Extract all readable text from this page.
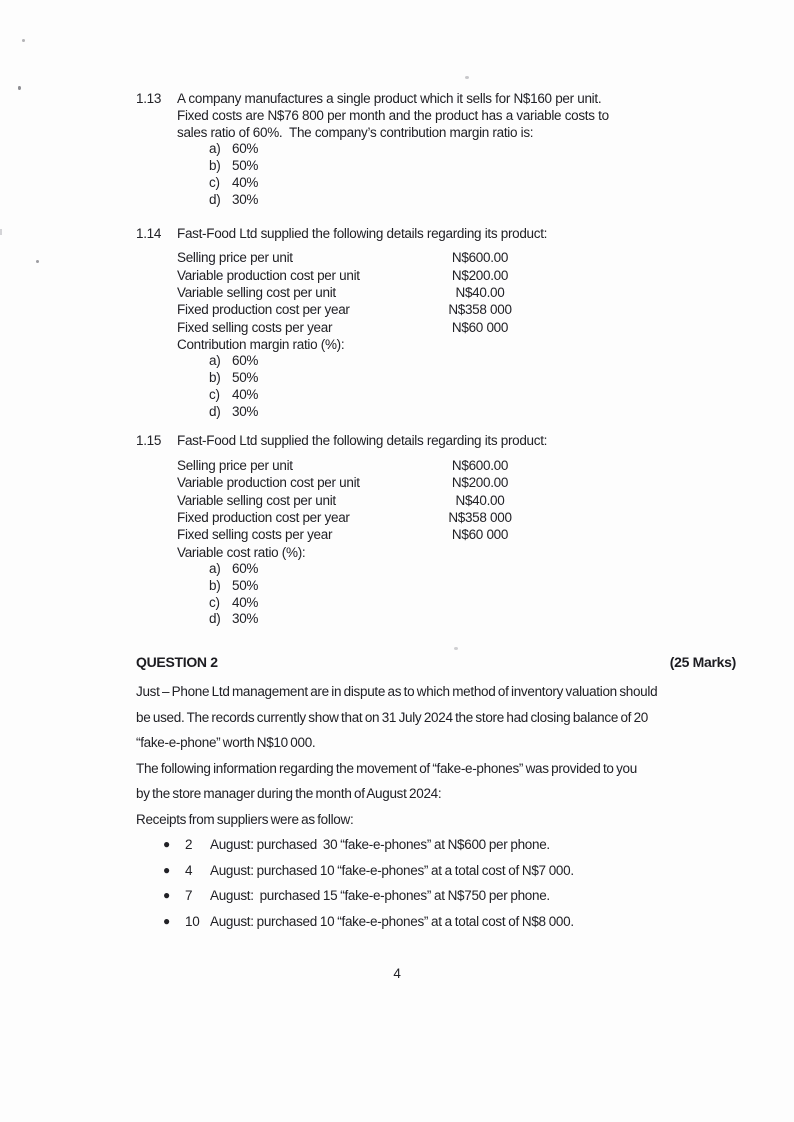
1.13	A company manufactures a single product which it sells for N$160 per unit.
Fixed costs are N$76 800 per month and the product has a variable costs to
sales ratio of 60%.  The company’s contribution margin ratio is:
a) 60%
b) 50%
c) 40%
d) 30%
1.14	Fast-Food Ltd supplied the following details regarding its product:
Selling price per unit	N$600.00
Variable production cost per unit	N$200.00
Variable selling cost per unit	N$40.00
Fixed production cost per year	N$358 000
Fixed selling costs per year	N$60 000
Contribution margin ratio (%):
a) 60%
b) 50%
c) 40%
d) 30%
1.15	Fast-Food Ltd supplied the following details regarding its product:
Selling price per unit	N$600.00
Variable production cost per unit	N$200.00
Variable selling cost per unit	N$40.00
Fixed production cost per year	N$358 000
Fixed selling costs per year	N$60 000
Variable cost ratio (%):
a) 60%
b) 50%
c) 40%
d) 30%
QUESTION 2	(25 Marks)
Just – Phone Ltd management are in dispute as to which method of inventory valuation should
be used. The records currently show that on 31 July 2024 the store had closing balance of 20
“fake-e-phone” worth N$10 000.
The following information regarding the movement of “fake-e-phones” was provided to you
by the store manager during the month of August 2024:
Receipts from suppliers were as follow:
●	2	August: purchased  30 “fake-e-phones” at N$600 per phone.
●	4	August: purchased 10 “fake-e-phones” at a total cost of N$7 000.
●	7	August:  purchased 15 “fake-e-phones” at N$750 per phone.
●	10 August: purchased 10 “fake-e-phones” at a total cost of N$8 000.
4
